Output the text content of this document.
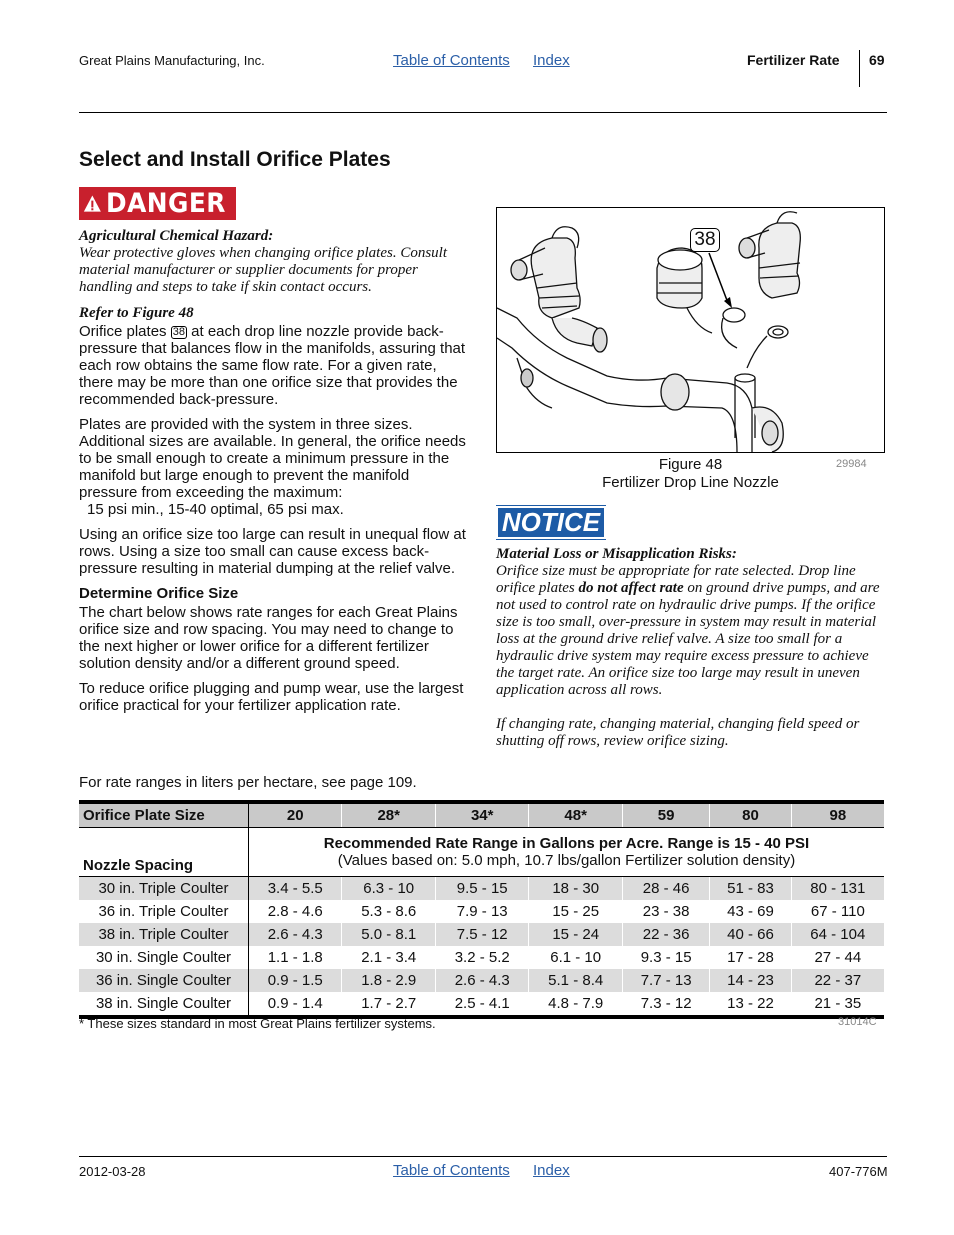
Great Plains Manufacturing, Inc.	Table of Contents Index	Fertilizer Rate 69
Select and Install Orifice Plates
DANGER
Agricultural Chemical Hazard:
Wear protective gloves when changing orifice plates. Consult material manufacturer or supplier documents for proper handling and steps to take if skin contact occurs.
Refer to Figure 48

Orifice plates 38 at each drop line nozzle provide back-pressure that balances flow in the manifolds, assuring that each row obtains the same flow rate. For a given rate, there may be more than one orifice size that provides the recommended back-pressure.

Plates are provided with the system in three sizes. Additional sizes are available. In general, the orifice needs to be small enough to create a minimum pressure in the manifold but large enough to prevent the manifold pressure from exceeding the maximum:

15 psi min., 15-40 optimal, 65 psi max.

Using an orifice size too large can result in unequal flow at rows. Using a size too small can cause excess back-pressure resulting in material dumping at the relief valve.

Determine Orifice Size

The chart below shows rate ranges for each Great Plains orifice size and row spacing. You may need to change to the next higher or lower orifice for a different fertilizer solution density and/or a different ground speed.

To reduce orifice plugging and pump wear, use the largest orifice practical for your fertilizer application rate.

38
Figure 48
Fertilizer Drop Line Nozzle
29984
NOTICE
Material Loss or Misapplication Risks:
Orifice size must be appropriate for rate selected. Drop line orifice plates do not affect rate on ground drive pumps, and are not used to control rate on hydraulic drive pumps. If the orifice size is too small, over-pressure in system may result in material loss at the ground drive relief valve. A size too small for a hydraulic drive system may require excess pressure to achieve the target rate. An orifice size too large may result in uneven application across all rows.
If changing rate, changing material, changing field speed or shutting off rows, review orifice sizing.
For rate ranges in liters per hectare, see page 109.
Orifice Plate Size	20	28*	34*	48*	59	80	98
Nozzle Spacing	Recommended Rate Range in Gallons per Acre. Range is 15 - 40 PSI
(Values based on: 5.0 mph, 10.7 lbs/gallon Fertilizer solution density)						

30 in. Triple Coulter	3.4 - 5.5	6.3 - 10	9.5 - 15	18 - 30	28 - 46	51 - 83	80 - 131
36 in. Triple Coulter	2.8 - 4.6	5.3 - 8.6	7.9 - 13	15 - 25	23 - 38	43 - 69	67 - 110
38 in. Triple Coulter	2.6 - 4.3	5.0 - 8.1	7.5 - 12	15 - 24	22 - 36	40 - 66	64 - 104
30 in. Single Coulter	1.1 - 1.8	2.1 - 3.4	3.2 - 5.2	6.1 - 10	9.3 - 15	17 - 28	27 - 44
36 in. Single Coulter	0.9 - 1.5	1.8 - 2.9	2.6 - 4.3	5.1 - 8.4	7.7 - 13	14 - 23	22 - 37
38 in. Single Coulter	0.9 - 1.4	1.7 - 2.7	2.5 - 4.1	4.8 - 7.9	7.3 - 12	13 - 22	21 - 35
* These sizes standard in most Great Plains fertilizer systems.	31014C
2012-03-28	Table of Contents Index	407-776M
